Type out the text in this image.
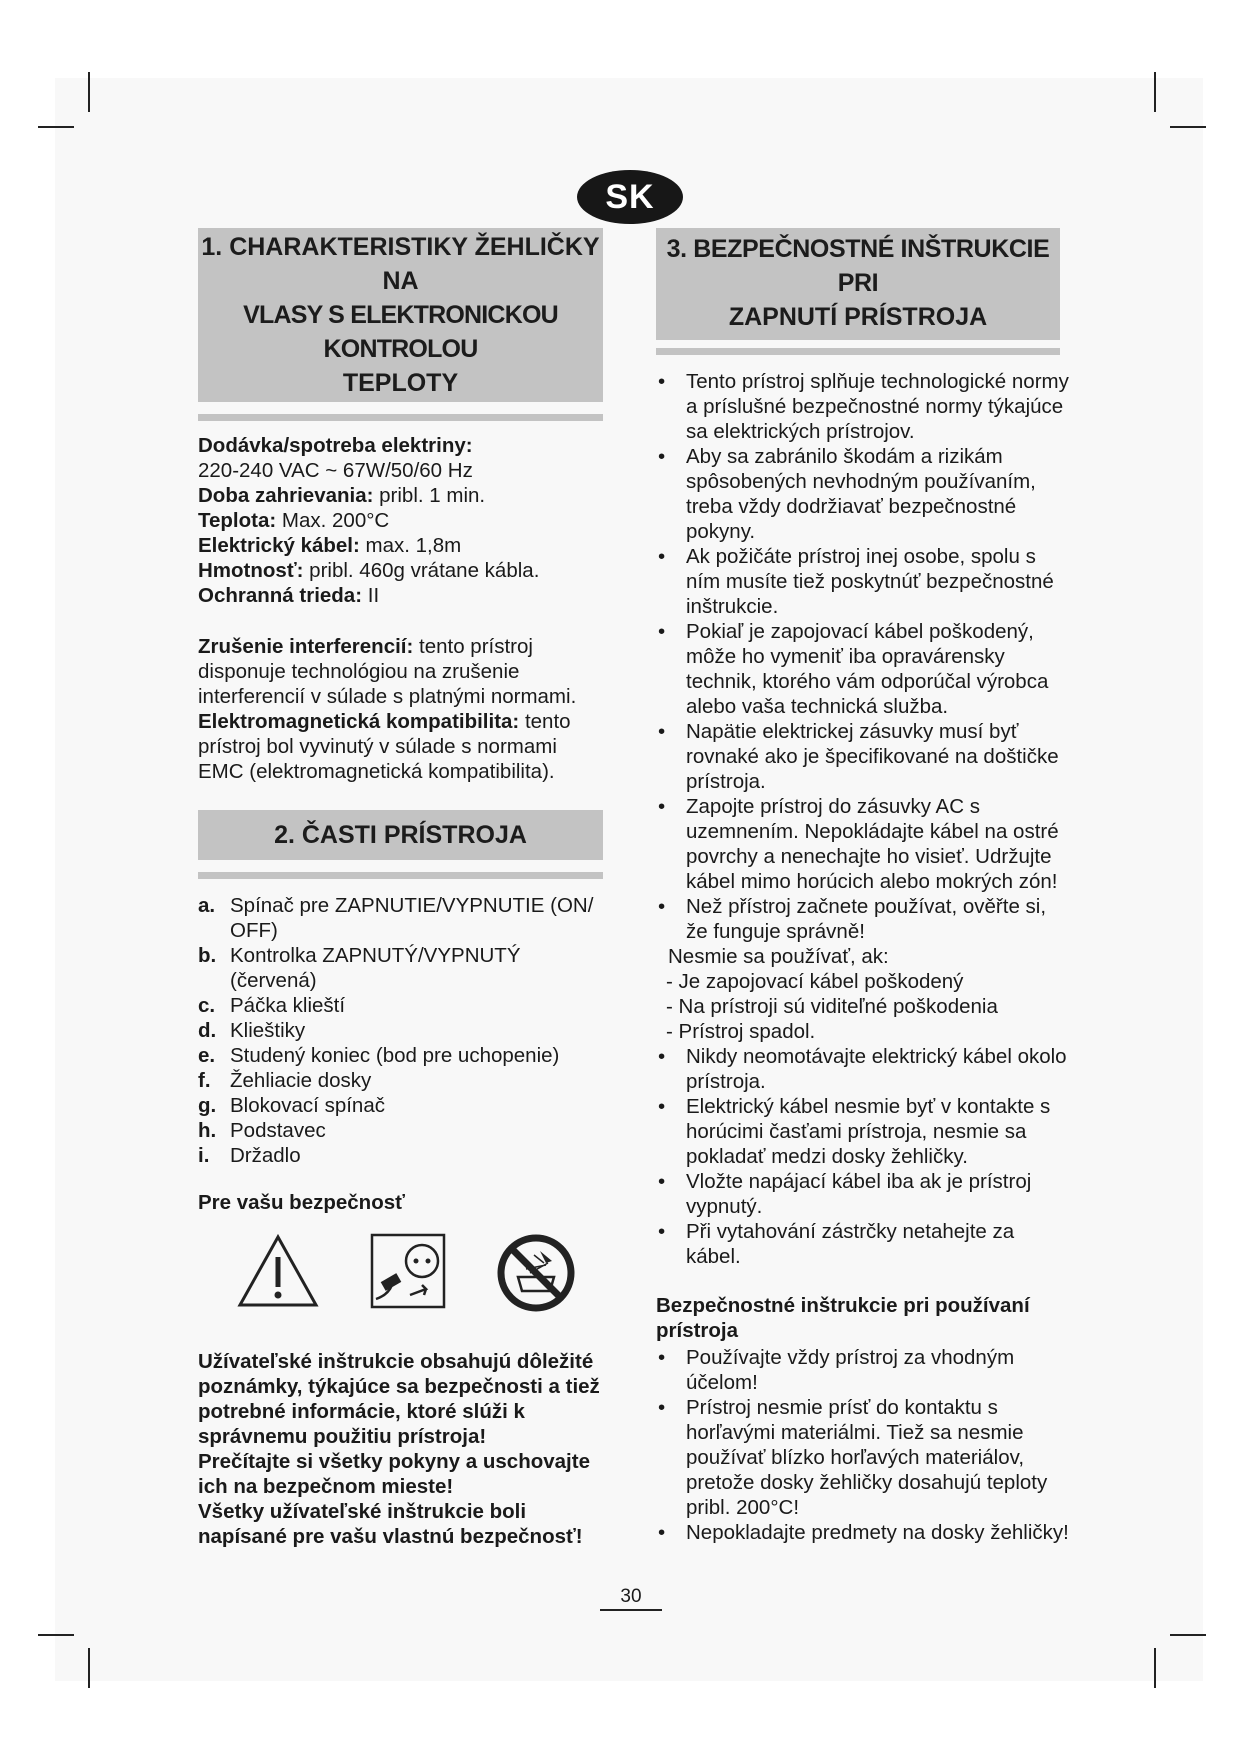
SK
1. CHARAKTERISTIKY ŽEHLIČKY NA
VLASY S ELEKTRONICKOU KONTROLOU
TEPLOTY
Dodávka/spotreba elektriny:
220-240 VAC ~ 67W/50/60 Hz
Doba zahrievania: pribl. 1 min.
Teplota: Max. 200°C
Elektrický kábel: max. 1,8m
Hmotnosť: pribl. 460g vrátane kábla.
Ochranná trieda: II
Zrušenie interferencií: tento prístroj disponuje technológiou na zrušenie interferencií v súlade s platnými normami.
Elektromagnetická kompatibilita: tento prístroj bol vyvinutý v súlade s normami EMC (elektromagnetická kompatibilita).
2. ČASTI PRÍSTROJA
a. Spínač pre ZAPNUTIE/VYPNUTIE (ON/ OFF)
b. Kontrolka ZAPNUTÝ/VYPNUTÝ (červená)
c. Páčka klieští
d. Klieštiky
e. Studený koniec (bod pre uchopenie)
f. Žehliacie dosky
g. Blokovací spínač
h. Podstavec
i.	Držadlo
Pre vašu bezpečnosť
Užívateľské inštrukcie obsahujú dôležité poznámky, týkajúce sa bezpečnosti a tiež potrebné informácie, ktoré slúži k správnemu použitiu prístroja!
Prečítajte si všetky pokyny a uschovajte ich na bezpečnom mieste!
Všetky užívateľské inštrukcie boli napísané pre vašu vlastnú bezpečnosť!
3. BEZPEČNOSTNÉ INŠTRUKCIE PRI
ZAPNUTÍ PRÍSTROJA
• Tento prístroj splňuje technologické normy a príslušné bezpečnostné normy týkajúce sa elektrických prístrojov.
• Aby sa zabránilo škodám a rizikám spôsobených nevhodným používaním, treba vždy dodržiavať bezpečnostné pokyny.
• Ak požičáte prístroj inej osobe, spolu s ním musíte tiež poskytnúť bezpečnostné inštrukcie.
• Pokiaľ je zapojovací kábel poškodený, môže ho vymeniť iba opravárensky technik, ktorého vám odporúčal výrobca alebo vaša technická služba.
• Napätie elektrickej zásuvky musí byť rovnaké ako je špecifikované na doštičke prístroja.
• Zapojte prístroj do zásuvky AC s uzemnením. Nepokládajte kábel na ostré povrchy a nenechajte ho visieť. Udržujte kábel mimo horúcich alebo mokrých zón!
• Než přístroj začnete používat, ověřte si, že funguje správně!
Nesmie sa používať, ak:
- Je zapojovací kábel poškodený
- Na prístroji sú viditeľné poškodenia
- Prístroj spadol.
• Nikdy neomotávajte elektrický kábel okolo prístroja.
• Elektrický kábel nesmie byť v kontakte s horúcimi časťami prístroja, nesmie sa pokladať medzi dosky žehličky.
• Vložte napájací kábel iba ak je prístroj vypnutý.
• Při vytahování zástrčky netahejte za kábel.
Bezpečnostné inštrukcie pri používaní prístroja
• Používajte vždy prístroj za vhodným účelom!
• Prístroj nesmie prísť do kontaktu s horľavými materiálmi. Tiež sa nesmie používať blízko horľavých materiálov, pretože dosky žehličky dosahujú teploty pribl. 200°C!
• Nepokladajte predmety na dosky žehličky!
30
